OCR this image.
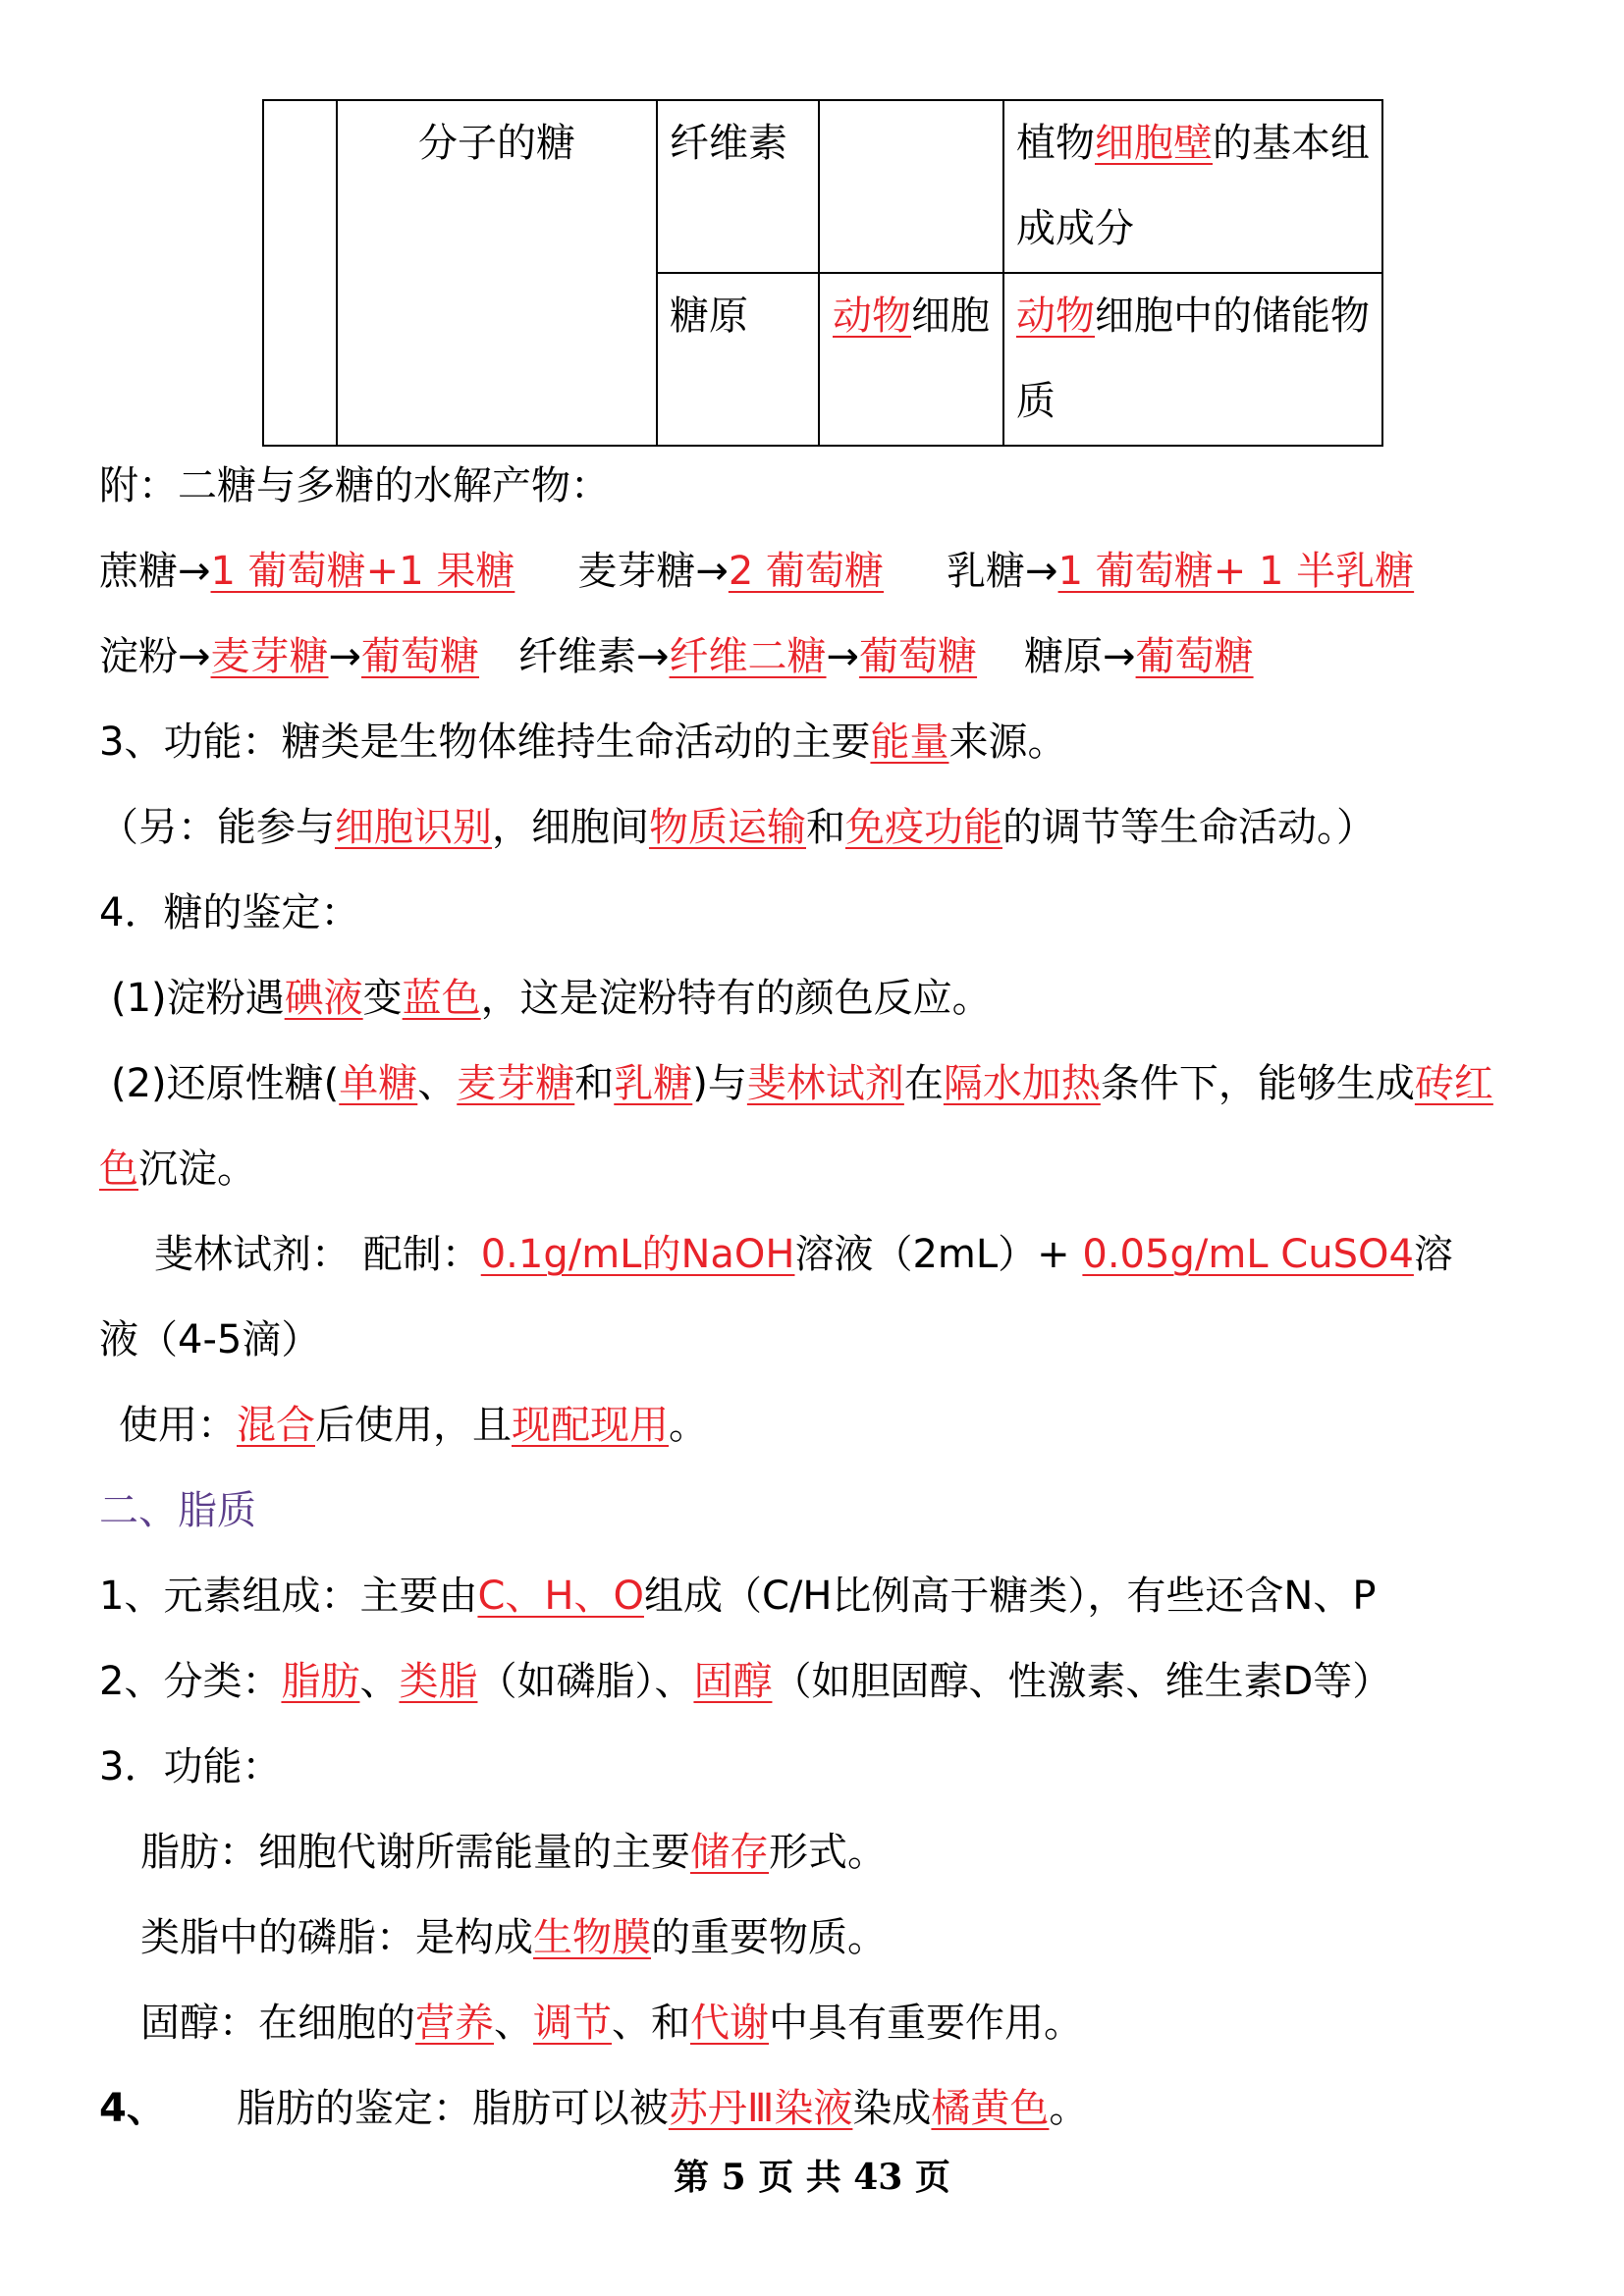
	分子的糖	纤维素		植物细胞壁的基本组成成分
		糖原	动物细胞	动物细胞中的储能物质
附：二糖与多糖的水解产物：
蔗糖→1 葡萄糖+1 果糖 麦芽糖→2 葡萄糖 乳糖→1 葡萄糖+ 1 半乳糖
淀粉→麦芽糖→葡萄糖 纤维素→纤维二糖→葡萄糖 糖原→葡萄糖
3、功能：糖类是生物体维持生命活动的主要能量来源。
（另：能参与细胞识别，细胞间物质运输和免疫功能的调节等生命活动。）
4．糖的鉴定：
(1)淀粉遇碘液变蓝色，这是淀粉特有的颜色反应。
(2)还原性糖(单糖、麦芽糖和乳糖)与斐林试剂在隔水加热条件下，能够生成砖红
色沉淀。
斐林试剂： 配制：0.1g/mL的NaOH溶液（2mL）+ 0.05g/mL CuSO4溶
液（4-5滴）
使用：混合后使用，且现配现用。
二、脂质
1、元素组成：主要由C、H、O组成（C/H比例高于糖类），有些还含N、P
2、分类：脂肪、类脂（如磷脂）、固醇（如胆固醇、性激素、维生素D等）
3．功能：
脂肪：细胞代谢所需能量的主要储存形式。
类脂中的磷脂：是构成生物膜的重要物质。
固醇：在细胞的营养、调节、和代谢中具有重要作用。
4、 脂肪的鉴定：脂肪可以被苏丹Ⅲ染液染成橘黄色。
第 5 页 共 43 页
